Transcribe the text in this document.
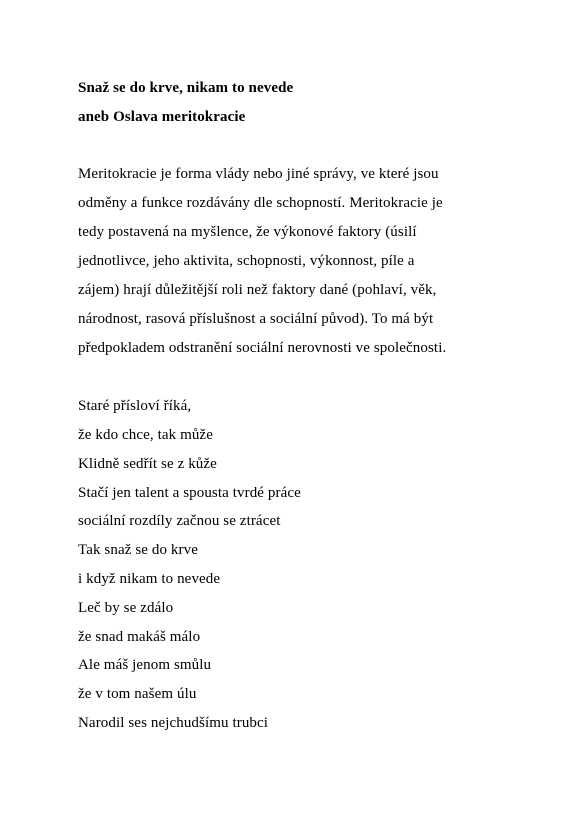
Snaž se do krve, nikam to nevede
aneb Oslava meritokracie
Meritokracie je forma vlády nebo jiné správy, ve které jsou
odměny a funkce rozdávány dle schopností. Meritokracie je
tedy postavená na myšlence, že výkonové faktory (úsilí
jednotlivce, jeho aktivita, schopnosti, výkonnost, píle a
zájem) hrají důležitější roli než faktory dané (pohlaví, věk,
národnost, rasová příslušnost a sociální původ). To má být
předpokladem odstranění sociální nerovnosti ve společnosti.
Staré přísloví říká,
že kdo chce, tak může
Klidně sedřít se z kůže
Stačí jen talent a spousta tvrdé práce
sociální rozdíly začnou se ztrácet
Tak snaž se do krve
i když nikam to nevede
Leč by se zdálo
že snad makáš málo
Ale máš jenom smůlu
že v tom našem úlu
Narodil ses nejchudšímu trubci
